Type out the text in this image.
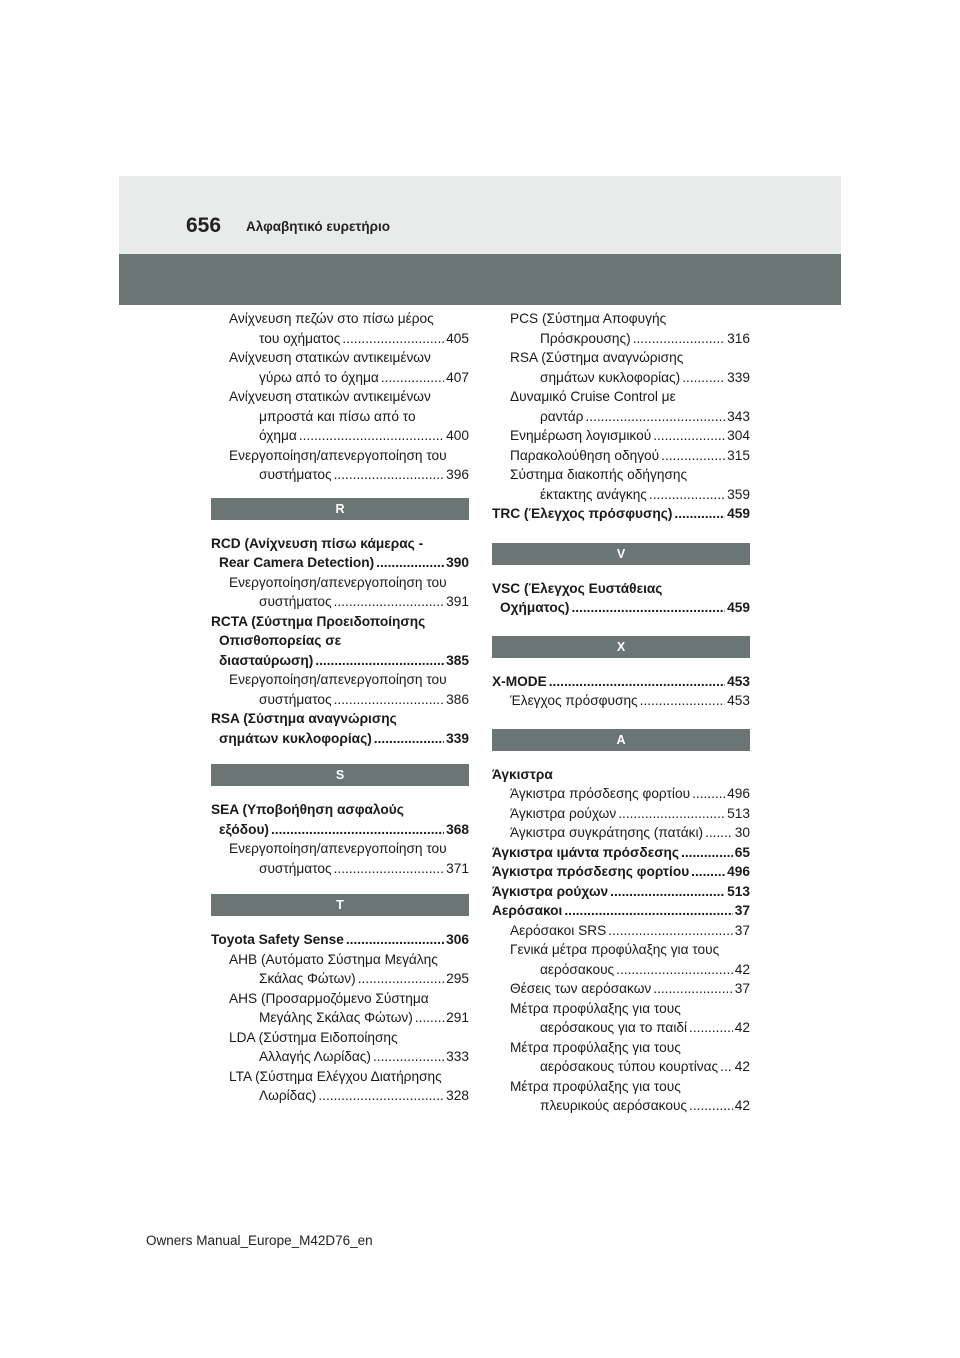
656 Αλφαβητικό ευρετήριο
Ανίχνευση πεζών στο πίσω μέρος
του οχήματος .....	405
Ανίχνευση στατικών αντικειμένων
γύρω από το όχημα .....	407
Ανίχνευση στατικών αντικειμένων
μπροστά και πίσω από το
όχημα .....	400
Ενεργοποίηση/απενεργοποίηση του
συστήματος .....	396
R
RCD (Ανίχνευση πίσω κάμερας -
Rear Camera Detection) .....	390
Ενεργοποίηση/απενεργοποίηση του
συστήματος .....	391
RCTA (Σύστημα Προειδοποίησης
Οπισθοπορείας σε
διασταύρωση) .....	385
Ενεργοποίηση/απενεργοποίηση του
συστήματος .....	386
RSA (Σύστημα αναγνώρισης
σημάτων κυκλοφορίας) .....	339
S
SEA (Υποβοήθηση ασφαλούς
εξόδου) .....	368
Ενεργοποίηση/απενεργοποίηση του
συστήματος .....	371
T
Toyota Safety Sense .....	306
AHB (Αυτόματο Σύστημα Μεγάλης
Σκάλας Φώτων) .....	295
AHS (Προσαρμοζόμενο Σύστημα
Μεγάλης Σκάλας Φώτων) ..... 291
LDA (Σύστημα Ειδοποίησης
Αλλαγής Λωρίδας) .....	333
LTA (Σύστημα Ελέγχου Διατήρησης
Λωρίδας) .....	328
PCS (Σύστημα Αποφυγής
Πρόσκρουσης) .....	316
RSA (Σύστημα αναγνώρισης
σημάτων κυκλοφορίας) .....	339
Δυναμικό Cruise Control με
ραντάρ .....	343
Ενημέρωση λογισμικού .....	304
Παρακολούθηση οδηγού .....	315
Σύστημα διακοπής οδήγησης
έκτακτης ανάγκης .....	359
TRC (Έλεγχος πρόσφυσης) .....	459
V
VSC (Έλεγχος Ευστάθειας
Οχήματος) .....	459
X
X-MODE .....	453
Έλεγχος πρόσφυσης .....	453
Α
Άγκιστρα
Άγκιστρα πρόσδεσης φορτίου .....	496
Άγκιστρα ρούχων .....	513
Άγκιστρα συγκράτησης (πατάκι) ..... 30
Άγκιστρα ιμάντα πρόσδεσης .....	65
Άγκιστρα πρόσδεσης φορτίου .....	496
Άγκιστρα ρούχων .....	513
Αερόσακοι .....	37
Αερόσακοι SRS .....	37
Γενικά μέτρα προφύλαξης για τους
αερόσακους .....	42
Θέσεις των αερόσακων .....	37
Μέτρα προφύλαξης για τους
αερόσακους για το παιδί .....	42
Μέτρα προφύλαξης για τους
αερόσακους τύπου κουρτίνας ..... 42
Μέτρα προφύλαξης για τους
πλευρικούς αερόσακους .....	42
Owners Manual_Europe_M42D76_en
